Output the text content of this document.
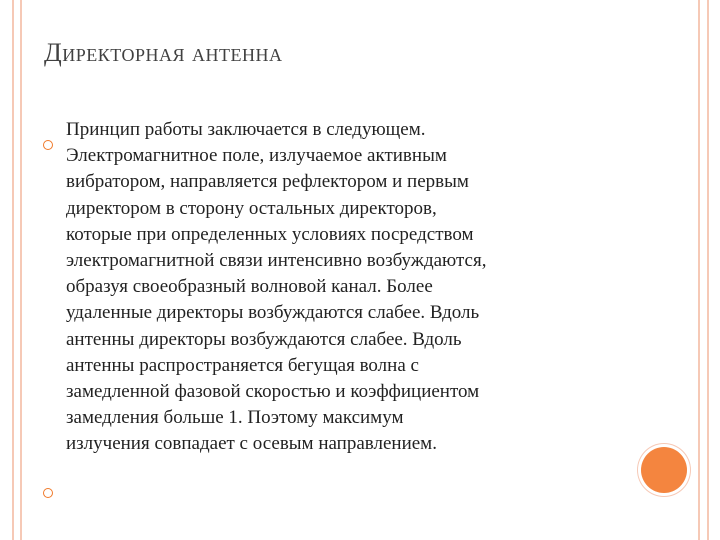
Директорная антенна
Принцип работы заключается в следующем.
Электромагнитное поле, излучаемое активным
вибратором, направляется рефлектором и первым
директором в сторону остальных директоров,
которые при определенных условиях посредством
электромагнитной связи интенсивно возбуждаются,
образуя своеобразный волновой канал. Более
удаленные директоры возбуждаются слабее. Вдоль
антенны директоры возбуждаются слабее. Вдоль
антенны распространяется бегущая волна с
замедленной фазовой скоростью и коэффициентом
замедления больше 1. Поэтому максимум
излучения совпадает с осевым направлением.
